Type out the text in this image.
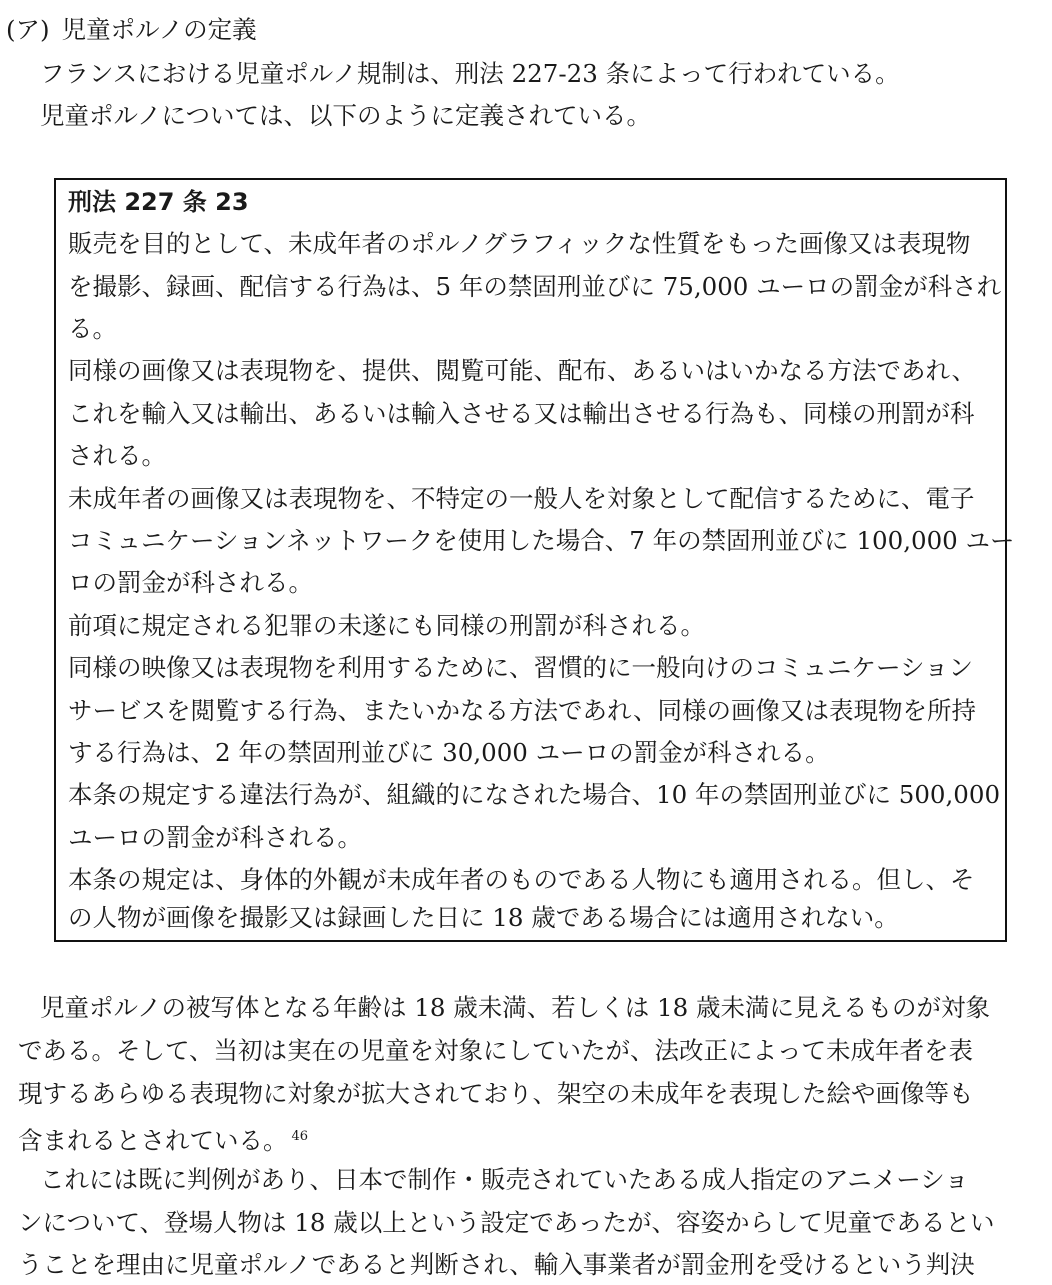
(ア) 児童ポルノの定義
フランスにおける児童ポルノ規制は、刑法 227-23 条によって行われている。
児童ポルノについては、以下のように定義されている。
刑法 227 条 23
販売を目的として、未成年者のポルノグラフィックな性質をもった画像又は表現物
を撮影、録画、配信する行為は、5 年の禁固刑並びに 75,000 ユーロの罰金が科され
る。
同様の画像又は表現物を、提供、閲覧可能、配布、あるいはいかなる方法であれ、
これを輸入又は輸出、あるいは輸入させる又は輸出させる行為も、同様の刑罰が科
される。
未成年者の画像又は表現物を、不特定の一般人を対象として配信するために、電子
コミュニケーションネットワークを使用した場合、7 年の禁固刑並びに 100,000 ユー
ロの罰金が科される。
前項に規定される犯罪の未遂にも同様の刑罰が科される。
同様の映像又は表現物を利用するために、習慣的に一般向けのコミュニケーション
サービスを閲覧する行為、またいかなる方法であれ、同様の画像又は表現物を所持
する行為は、2 年の禁固刑並びに 30,000 ユーロの罰金が科される。
本条の規定する違法行為が、組織的になされた場合、10 年の禁固刑並びに 500,000
ユーロの罰金が科される。
本条の規定は、身体的外観が未成年者のものである人物にも適用される。但し、そ
の人物が画像を撮影又は録画した日に 18 歳である場合には適用されない。
児童ポルノの被写体となる年齢は 18 歳未満、若しくは 18 歳未満に見えるものが対象
である。そして、当初は実在の児童を対象にしていたが、法改正によって未成年者を表
現するあらゆる表現物に対象が拡大されており、架空の未成年を表現した絵や画像等も
含まれるとされている。 $^{46}$
これには既に判例があり、日本で制作・販売されていたある成人指定のアニメーショ
ンについて、登場人物は 18 歳以上という設定であったが、容姿からして児童であるとい
うことを理由に児童ポルノであると判断され、輸入事業者が罰金刑を受けるという判決
